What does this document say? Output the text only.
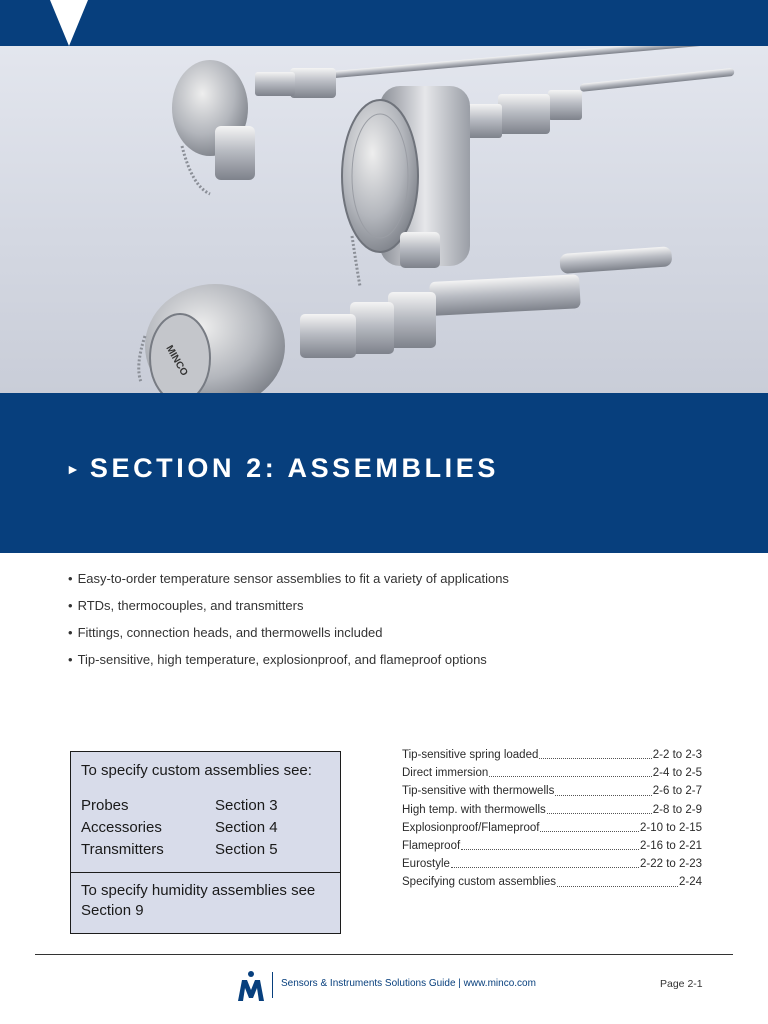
MINCO
► SECTION 2: ASSEMBLIES
• Easy-to-order temperature sensor assemblies to fit a variety of applications
• RTDs, thermocouples, and transmitters
• Fittings, connection heads, and thermowells included
• Tip-sensitive, high temperature, explosionproof, and flameproof options
To specify custom assemblies see:
Probes	Section 3
Accessories	Section 4
Transmitters	Section 5
To specify humidity assemblies see Section 9
Tip-sensitive spring loaded	2-2 to 2-3
Direct immersion	2-4 to 2-5
Tip-sensitive with thermowells	2-6 to 2-7
High temp. with thermowells	2-8 to 2-9
Explosionproof/Flameproof	2-10 to 2-15
Flameproof	2-16 to 2-21
Eurostyle	2-22 to 2-23
Specifying custom assemblies	2-24
Sensors & Instruments Solutions Guide | www.minco.com	Page 2-1
